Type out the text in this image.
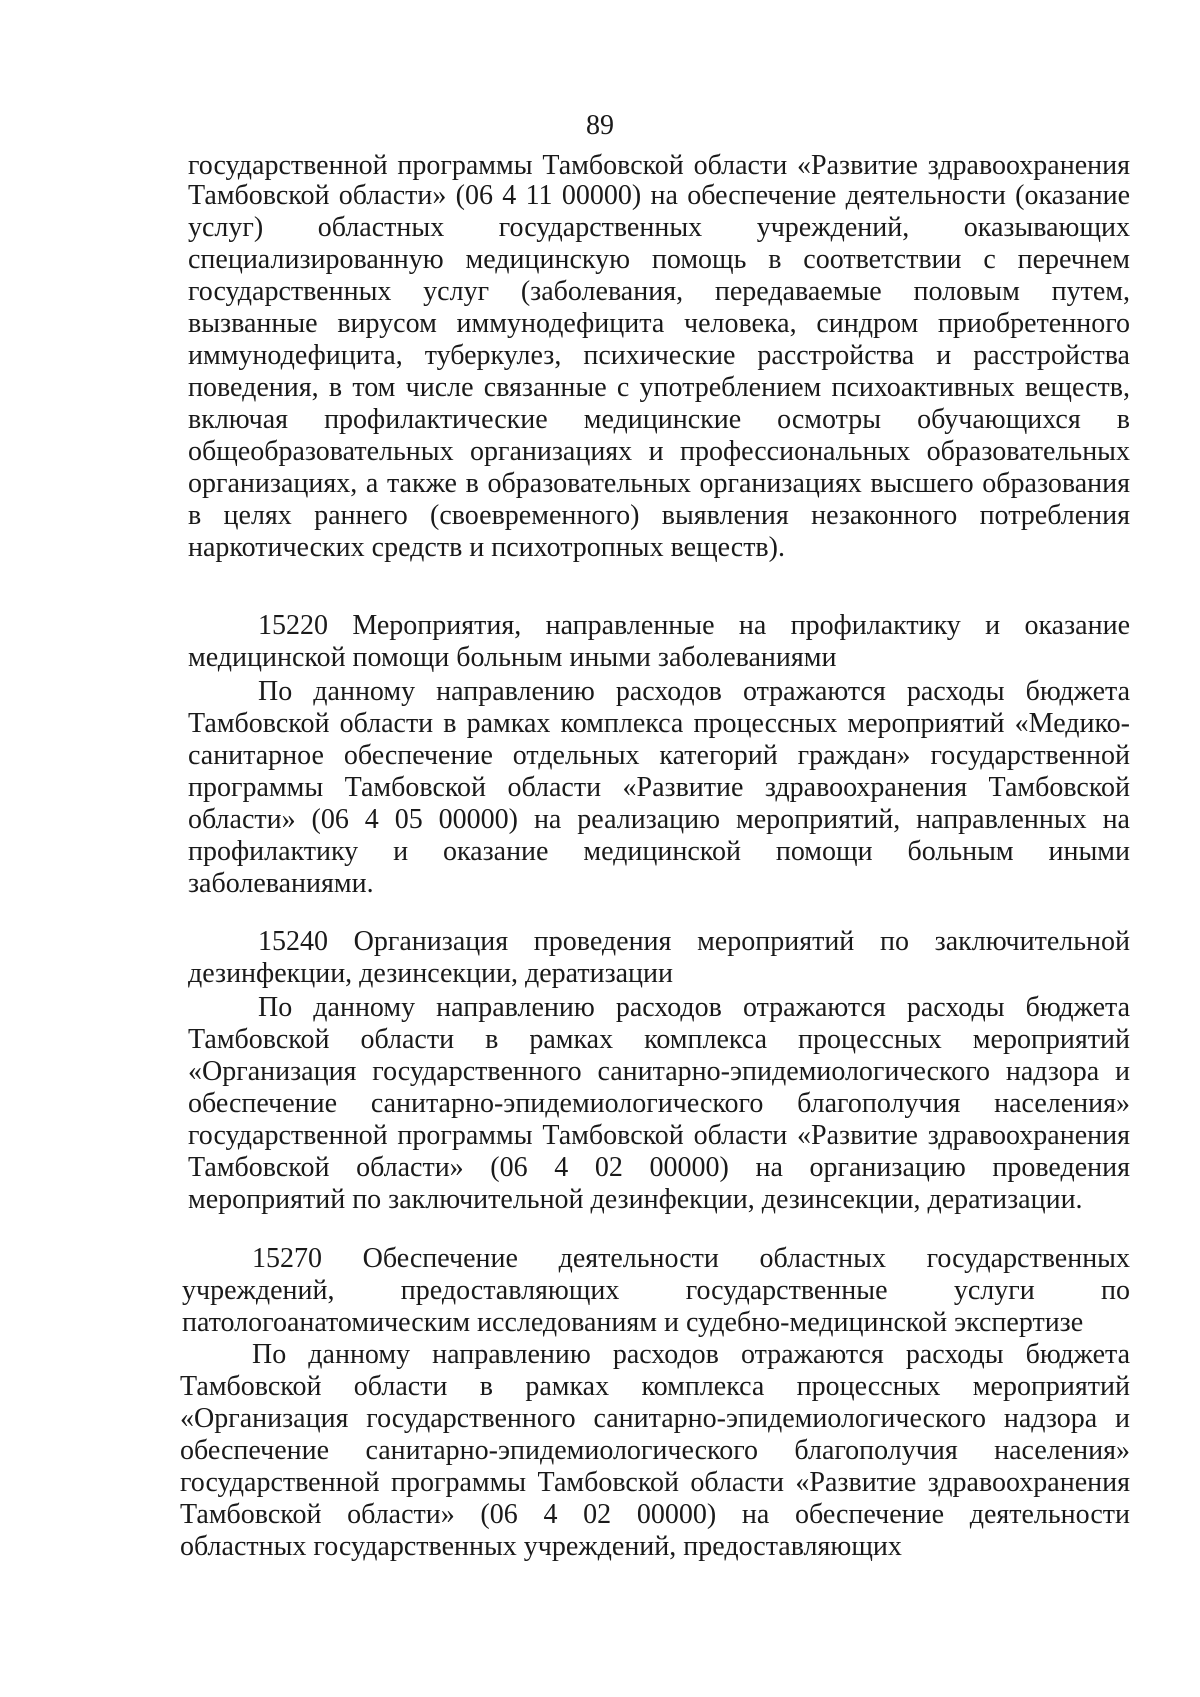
89
государственной программы Тамбовской области «Развитие здравоохранения
Тамбовской области» (06 4 11 00000) на обеспечение деятельности (оказание
услуг) областных государственных учреждений, оказывающих
специализированную медицинскую помощь в соответствии с перечнем
государственных услуг (заболевания, передаваемые половым путем,
вызванные вирусом иммунодефицита человека, синдром приобретенного
иммунодефицита, туберкулез, психические расстройства и расстройства
поведения, в том числе связанные с употреблением психоактивных веществ,
включая профилактические медицинские осмотры обучающихся в
общеобразовательных организациях и профессиональных образовательных
организациях, а также в образовательных организациях высшего образования
в целях раннего (своевременного) выявления незаконного потребления
наркотических средств и психотропных веществ).
15220 Мероприятия, направленные на профилактику и оказание
медицинской помощи больным иными заболеваниями
По данному направлению расходов отражаются расходы бюджета
Тамбовской области в рамках комплекса процессных мероприятий «Медико-
санитарное обеспечение отдельных категорий граждан» государственной
программы Тамбовской области «Развитие здравоохранения Тамбовской
области» (06 4 05 00000) на реализацию мероприятий, направленных на
профилактику и оказание медицинской помощи больным иными
заболеваниями.
15240 Организация проведения мероприятий по заключительной
дезинфекции, дезинсекции, дератизации
По данному направлению расходов отражаются расходы бюджета
Тамбовской области в рамках комплекса процессных мероприятий
«Организация государственного санитарно-эпидемиологического надзора и
обеспечение санитарно-эпидемиологического благополучия населения»
государственной программы Тамбовской области «Развитие здравоохранения
Тамбовской области» (06 4 02 00000) на организацию проведения
мероприятий по заключительной дезинфекции, дезинсекции, дератизации.
15270 Обеспечение деятельности областных государственных
учреждений, предоставляющих государственные услуги по
патологоанатомическим исследованиям и судебно-медицинской экспертизе
По данному направлению расходов отражаются расходы бюджета
Тамбовской области в рамках комплекса процессных мероприятий
«Организация государственного санитарно-эпидемиологического надзора и
обеспечение санитарно-эпидемиологического благополучия населения»
государственной программы Тамбовской области «Развитие здравоохранения
Тамбовской области» (06 4 02 00000) на обеспечение деятельности
областных государственных учреждений, предоставляющих
